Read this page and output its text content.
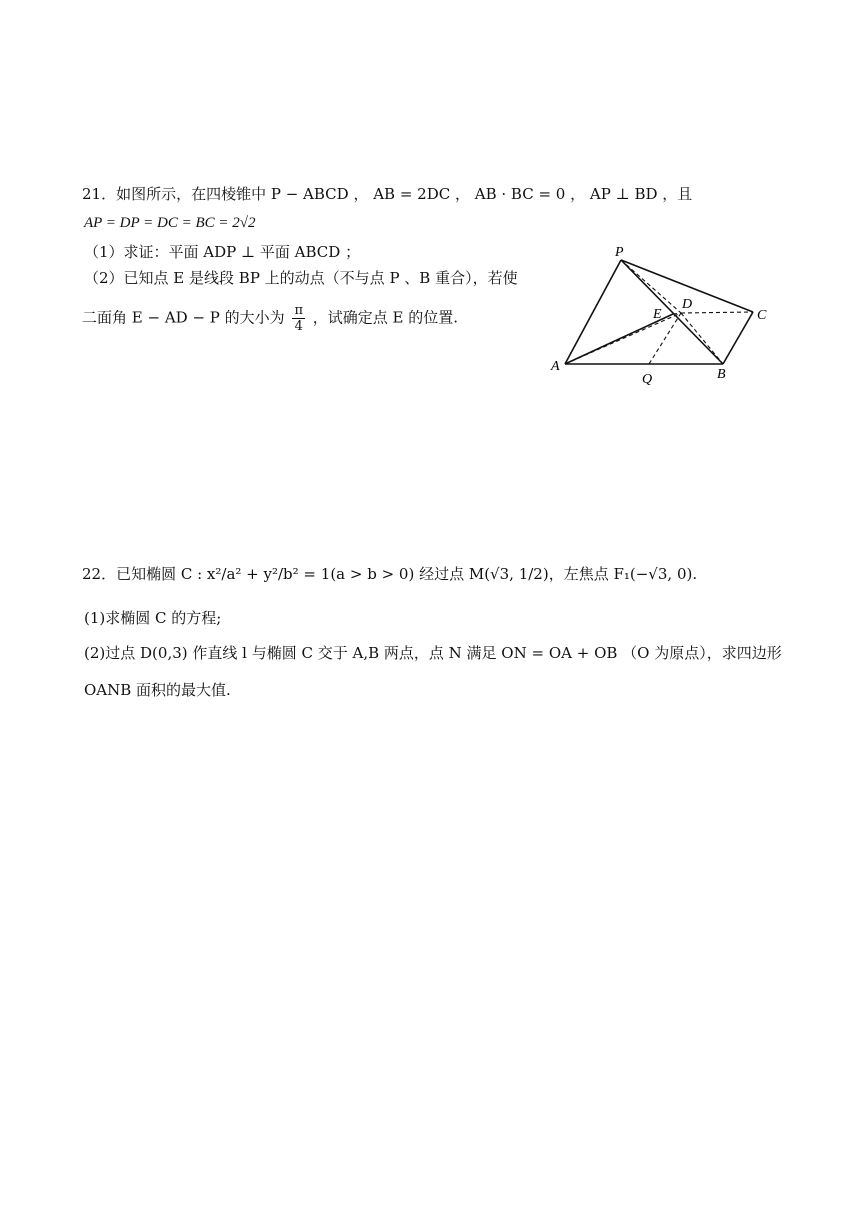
21．如图所示，在四棱锥中 P − ABCD ， AB = 2DC ， AB · BC = 0 ， AP ⊥ BD ，且
AP = DP = DC = BC = 2√2
（1）求证：平面 ADP ⊥ 平面 ABCD ；
（2）已知点 E 是线段 BP 上的动点（不与点 P 、B 重合），若使
二面角 E − AD − P 的大小为 $\frac{\pi}{4}$ ，试确定点 E 的位置.
P
A
B
C
D
E
Q
22．已知椭圆 C : x²/a² + y²/b² = 1(a > b > 0) 经过点 M(√3, 1/2)，左焦点 F₁(−√3, 0).
(1)求椭圆 C 的方程;
(2)过点 D(0,3) 作直线 l 与椭圆 C 交于 A,B 两点，点 N 满足 ON = OA + OB （O 为原点），求四边形
OANB 面积的最大值.
